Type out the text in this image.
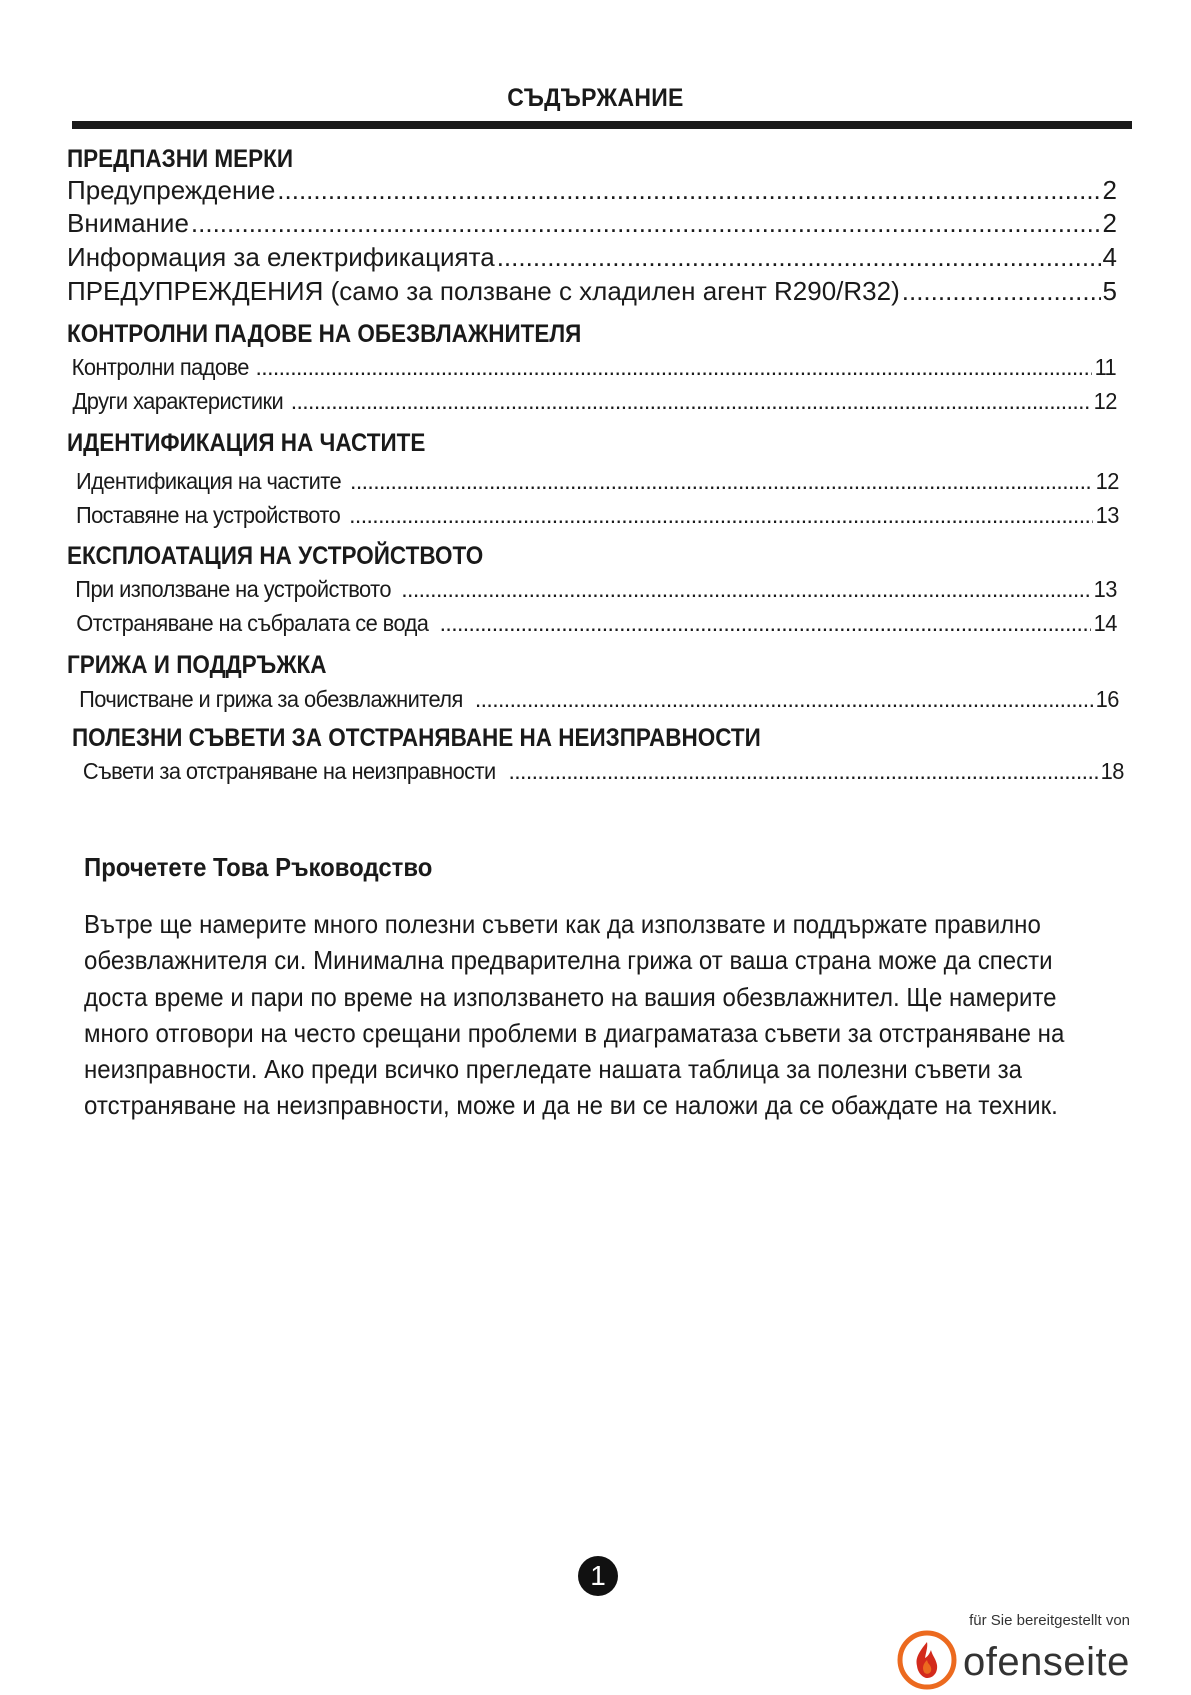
СЪДЪРЖАНИЕ
ПРЕДПАЗНИ МЕРКИ
Предупреждение .....	2
Внимание .....	2
Информация за електрификацията .....	4
ПРЕДУПРЕЖДЕНИЯ (само за ползване с хладилен агент R290/R32) .....	5
КОНТРОЛНИ ПАДОВЕ НА ОБЕЗВЛАЖНИТЕЛЯ
Контролни падове .....	11
Други характеристики .....	12
ИДЕНТИФИКАЦИЯ НА ЧАСТИТЕ
Идентификация на частите .....	12
Поставяне на устройството .....	13
ЕКСПЛОАТАЦИЯ НА УСТРОЙСТВОТО
При използване на устройството .....	13
Отстраняване на събралата се вода .....	14
ГРИЖА И ПОДДРЪЖКА
Почистване и грижа за обезвлажнителя .....	16
ПОЛЕЗНИ СЪВЕТИ ЗА ОТСТРАНЯВАНЕ НА НЕИЗПРАВНОСТИ
Съвети за отстраняване на неизправности .....	18
Прочетете Това Ръководство
Вътре ще намерите много полезни съвети как да използвате и поддържате правилно обезвлажнителя си. Минимална предварителна грижа от ваша страна може да спести доста време и пари по време на използването на вашия обезвлажнител. Ще намерите много отговори на често срещани проблеми в диаграматаза съвети за отстраняване на неизправности. Ако преди всичко прегледате нашата таблица за полезни съвети за отстраняване на неизправности, може и да не ви се наложи да се обаждате на техник.
1
für Sie bereitgestellt von
ofenseite
